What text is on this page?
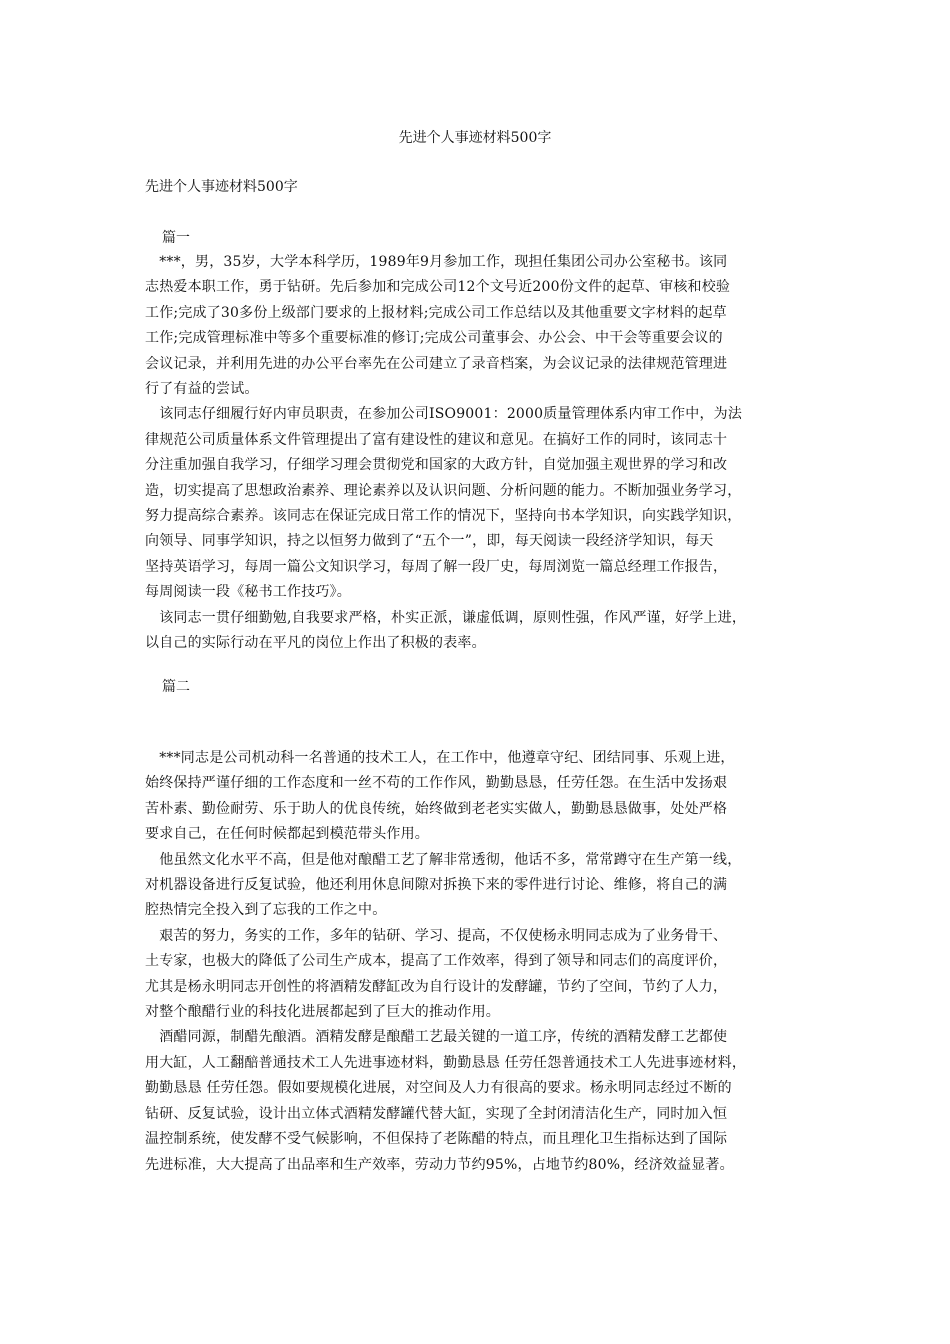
先进个人事迹材料500字
先进个人事迹材料500字
篇一

　***，男，35岁，大学本科学历，1989年9月参加工作，现担任集团公司办公室秘书。该同

志热爱本职工作，勇于钻研。先后参加和完成公司12个文号近200份文件的起草、审核和校验

工作;完成了30多份上级部门要求的上报材料;完成公司工作总结以及其他重要文字材料的起草

工作;完成管理标准中等多个重要标准的修订;完成公司董事会、办公会、中干会等重要会议的

会议记录，并利用先进的办公平台率先在公司建立了录音档案，为会议记录的法律规范管理进

行了有益的尝试。

　该同志仔细履行好内审员职责，在参加公司ISO9001：2000质量管理体系内审工作中，为法

律规范公司质量体系文件管理提出了富有建设性的建议和意见。在搞好工作的同时，该同志十

分注重加强自我学习，仔细学习理会贯彻党和国家的大政方针，自觉加强主观世界的学习和改

造，切实提高了思想政治素养、理论素养以及认识问题、分析问题的能力。不断加强业务学习，

努力提高综合素养。该同志在保证完成日常工作的情况下，坚持向书本学知识，向实践学知识，

向领导、同事学知识，持之以恒努力做到了“五个一”，即，每天阅读一段经济学知识，每天

坚持英语学习，每周一篇公文知识学习，每周了解一段厂史，每周浏览一篇总经理工作报告，

每周阅读一段《秘书工作技巧》。

　该同志一贯仔细勤勉,自我要求严格，朴实正派，谦虚低调，原则性强，作风严谨，好学上进，

以自己的实际行动在平凡的岗位上作出了积极的表率。

篇二

　***同志是公司机动科一名普通的技术工人，在工作中，他遵章守纪、团结同事、乐观上进，

始终保持严谨仔细的工作态度和一丝不苟的工作作风，勤勤恳恳，任劳任怨。在生活中发扬艰

苦朴素、勤俭耐劳、乐于助人的优良传统，始终做到老老实实做人，勤勤恳恳做事，处处严格

要求自己，在任何时候都起到模范带头作用。

　他虽然文化水平不高，但是他对酿醋工艺了解非常透彻，他话不多，常常蹲守在生产第一线，

对机器设备进行反复试验，他还利用休息间隙对拆换下来的零件进行讨论、维修，将自己的满

腔热情完全投入到了忘我的工作之中。

　艰苦的努力，务实的工作，多年的钻研、学习、提高，不仅使杨永明同志成为了业务骨干、

土专家，也极大的降低了公司生产成本，提高了工作效率，得到了领导和同志们的高度评价，

尤其是杨永明同志开创性的将酒精发酵缸改为自行设计的发酵罐，节约了空间，节约了人力，

对整个酿醋行业的科技化进展都起到了巨大的推动作用。

　酒醋同源，制醋先酿酒。酒精发酵是酿醋工艺最关键的一道工序，传统的酒精发酵工艺都使

用大缸，人工翻醅普通技术工人先进事迹材料，勤勤恳恳 任劳任怨普通技术工人先进事迹材料，

勤勤恳恳 任劳任怨。假如要规模化进展，对空间及人力有很高的要求。杨永明同志经过不断的

钻研、反复试验，设计出立体式酒精发酵罐代替大缸，实现了全封闭清洁化生产，同时加入恒

温控制系统，使发酵不受气候影响，不但保持了老陈醋的特点，而且理化卫生指标达到了国际

先进标准，大大提高了出品率和生产效率，劳动力节约95%，占地节约80%，经济效益显著。
